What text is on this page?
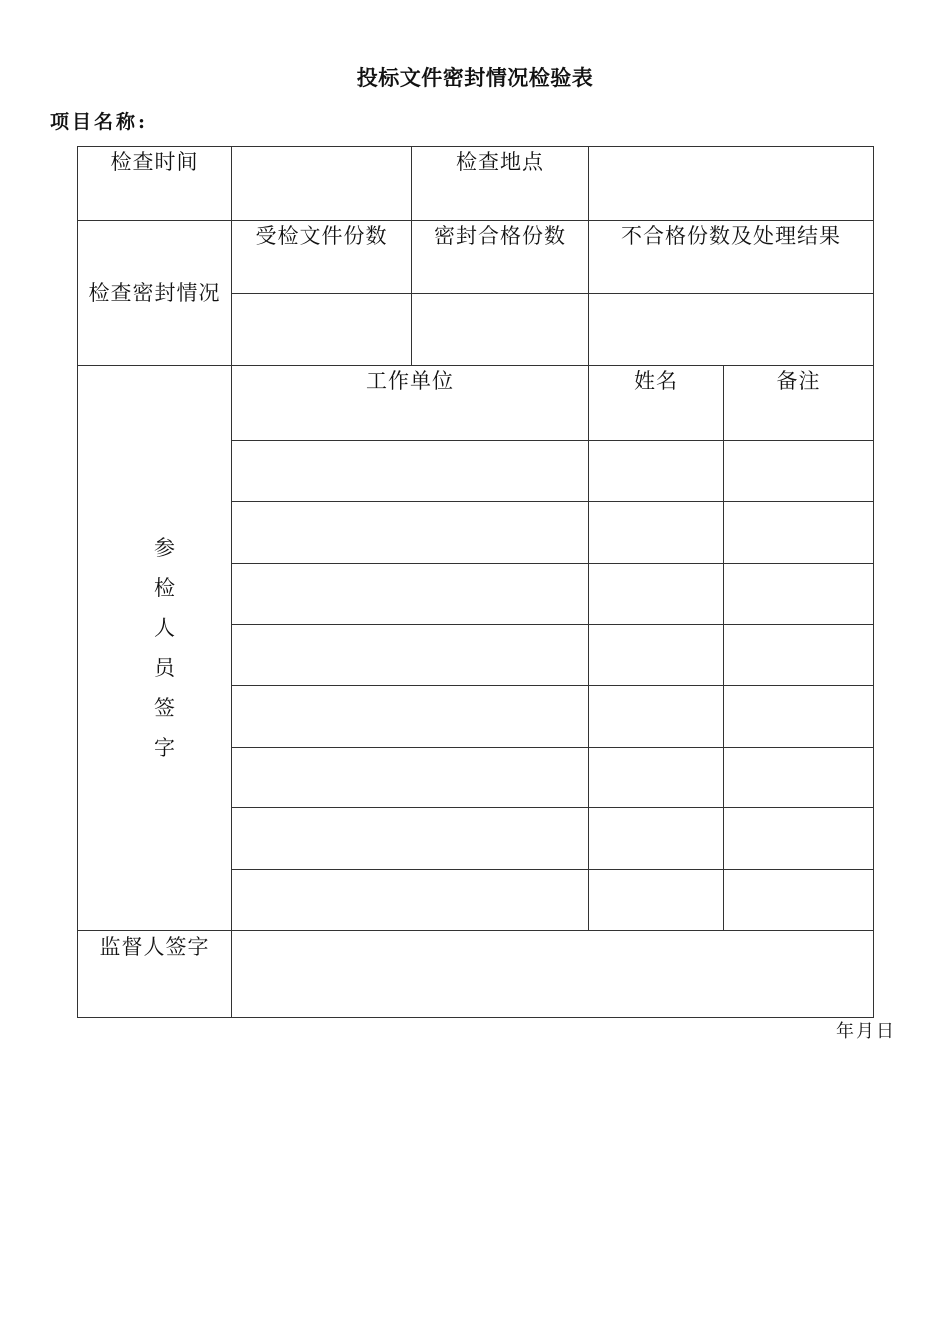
投标文件密封情况检验表
项目名称:
检查时间		检查地点		
检查密封情况	受检文件份数	密封合格份数	不合格份数及处理结果	

参检人员签字	工作单位		姓名	备注

监督人签字				
年月日
